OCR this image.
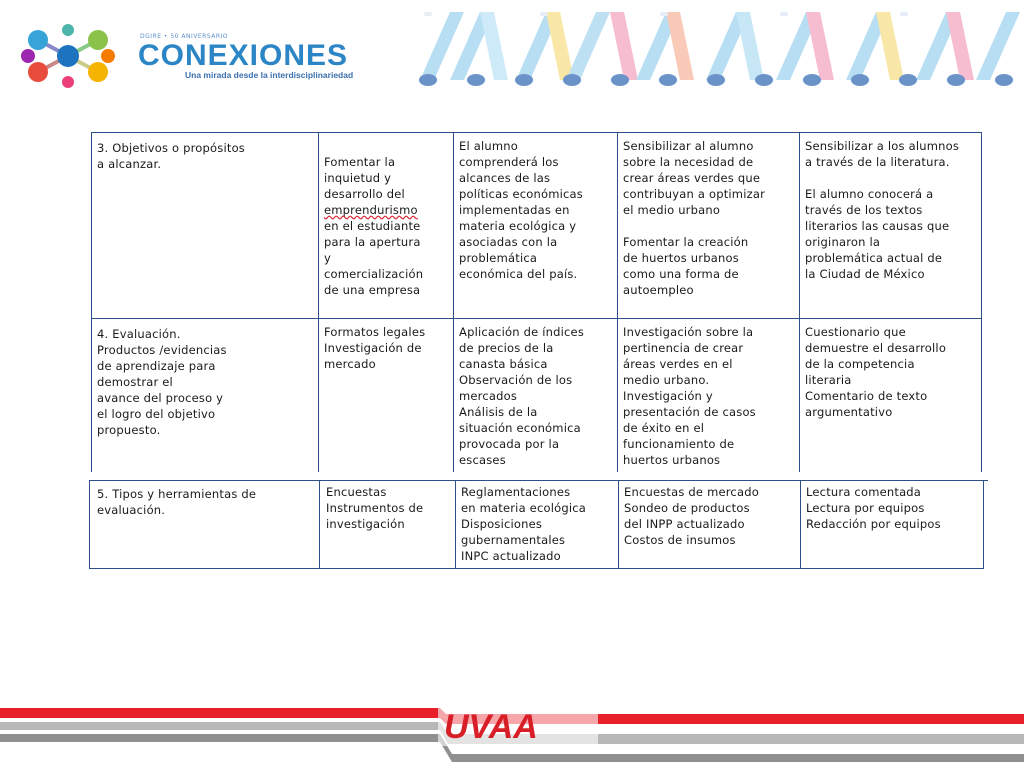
DGIRE • 50 ANIVERSARIO
CONEXIONES
Una mirada desde la interdisciplinariedad
3. Objetivos o propósitos
a alcanzar.	Fomentar la
inquietud y
desarrollo del
emprendurismo
en el estudiante
para la apertura
y
comercialización
de una empresa

El alumno
comprenderá los
alcances de las
políticas económicas
implementadas en
materia ecológica y
asociadas con la
problemática
económica del país.
Sensibilizar al alumno
sobre la necesidad de
crear áreas verdes que
contribuyan a optimizar
el medio urbano

Fomentar la creación
de huertos urbanos
como una forma de
autoempleo
Sensibilizar a los alumnos
a través de la literatura.

El alumno conocerá a
través de los textos
literarios las causas que
originaron la
problemática actual de
la Ciudad de México
4. Evaluación.
Productos /evidencias
de aprendizaje para
demostrar el
avance del proceso y
el logro del objetivo
propuesto.
Formatos legales
Investigación de
mercado
Aplicación de índices
de precios de la
canasta básica
Observación de los
mercados
Análisis de la
situación económica
provocada por la
escases
Investigación sobre la
pertinencia de crear
áreas verdes en el
medio urbano.
Investigación y
presentación de casos
de éxito en el
funcionamiento de
huertos urbanos
Cuestionario que
demuestre el desarrollo
de la competencia
literaria
Comentario de texto
argumentativo
5. Tipos y herramientas de
evaluación.
Encuestas
Instrumentos de
investigación
Reglamentaciones
en materia ecológica
Disposiciones
gubernamentales
INPC actualizado
Encuestas de mercado
Sondeo de productos
del INPP actualizado
Costos de insumos
Lectura comentada
Lectura por equipos
Redacción por equipos
UVAA
